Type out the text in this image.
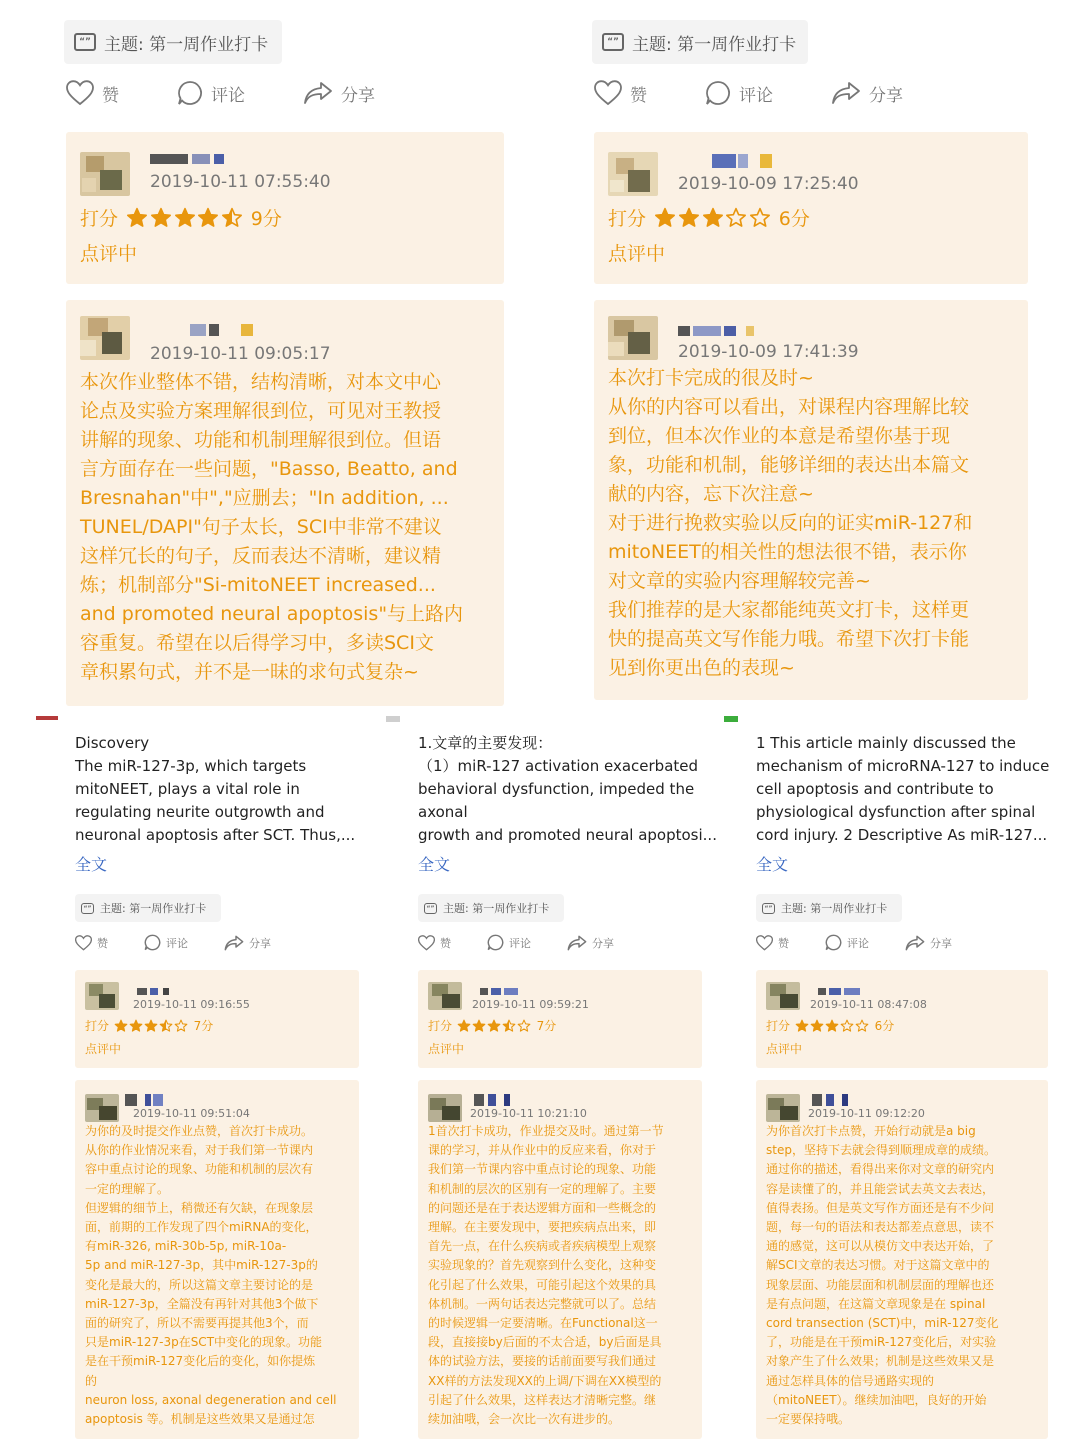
“” 主题: 第一周作业打卡
赞	评论	分享
2019-10-11 07:55:40
打分	9分
点评中
2019-10-11 09:05:17

本次作业整体不错，结构清晰，对本文中心

论点及实验方案理解很到位，可见对王教授

讲解的现象、功能和机制理解很到位。但语

言方面存在一些问题，"Basso, Beatto, and

Bresnahan"中","应删去；"In addition, ...

TUNEL/DAPI"句子太长，SCI中非常不建议

这样冗长的句子，反而表达不清晰，建议精

炼；机制部分"Si-mitoNEET increased...

and promoted neural apoptosis"与上路内

容重复。希望在以后得学习中，多读SCI文

章积累句式，并不是一昧的求句式复杂~

“” 主题: 第一周作业打卡
赞	评论	分享
2019-10-09 17:25:40
打分	6分
点评中
2019-10-09 17:41:39

本次打卡完成的很及时~

从你的内容可以看出，对课程内容理解比较

到位，但本次作业的本意是希望你基于现

象，功能和机制，能够详细的表达出本篇文

献的内容，忘下次注意~

对于进行挽救实验以反向的证实miR-127和

mitoNEET的相关性的想法很不错，表示你

对文章的实验内容理解较完善~

我们推荐的是大家都能纯英文打卡，这样更

快的提高英文写作能力哦。希望下次打卡能

见到你更出色的表现~

Discovery

The miR-127-3p, which targets

mitoNEET, plays a vital role in

regulating neurite outgrowth and

neuronal apoptosis after SCT. Thus,...

全文
“” 主题: 第一周作业打卡
赞	评论	分享
2019-10-11 09:16:55
打分	7分
点评中
2019-10-11 09:51:04

为你的及时提交作业点赞，首次打卡成功。

从你的作业情况来看，对于我们第一节课内

容中重点讨论的现象、功能和机制的层次有

一定的理解了。

但逻辑的细节上，稍微还有欠缺，在现象层

面，前期的工作发现了四个miRNA的变化，

有miR-326, miR-30b-5p, miR-10a-

5p and miR-127-3p，其中miR-127-3p的

变化是最大的，所以这篇文章主要讨论的是

miR-127-3p，全篇没有再针对其他3个做下

面的研究了，所以不需要再提其他3个，而

只是miR-127-3p在SCT中变化的现象。功能

是在干预miR-127变化后的变化，如你提炼

的

neuron loss, axonal degeneration and cell

apoptosis 等。机制是这些效果又是通过怎

1.文章的主要发现：

（1）miR-127 activation exacerbated

behavioral dysfunction, impeded the

axonal

growth and promoted neural apoptosi...

全文
“” 主题: 第一周作业打卡
赞	评论	分享
2019-10-11 09:59:21
打分	7分
点评中
2019-10-11 10:21:10

1首次打卡成功，作业提交及时。通过第一节

课的学习，并从作业中的反应来看，你对于

我们第一节课内容中重点讨论的现象、功能

和机制的层次的区别有一定的理解了。主要

的问题还是在于表达逻辑方面和一些概念的

理解。在主要发现中，要把疾病点出来，即

首先一点，在什么疾病或者疾病模型上观察

实验现象的？首先观察到什么变化，这种变

化引起了什么效果，可能引起这个效果的具

体机制。一两句话表达完整就可以了。总结

的时候逻辑一定要清晰。在Functional这一

段，直接接by后面的不太合适，by后面是具

体的试验方法，要接的话前面要写我们通过

XX样的方法发现XX的上调/下调在XX模型的

引起了什么效果，这样表达才清晰完整。继

续加油哦，会一次比一次有进步的。

1 This article mainly discussed the

mechanism of microRNA-127 to induce

cell apoptosis and contribute to

physiological dysfunction after spinal

cord injury. 2 Descriptive As miR-127...

全文
“” 主题: 第一周作业打卡
赞	评论	分享
2019-10-11 08:47:08
打分	6分
点评中
2019-10-11 09:12:20

为你首次打卡点赞，开始行动就是a big

step，坚持下去就会得到顺理成章的成绩。

通过你的描述，看得出来你对文章的研究内

容是读懂了的，并且能尝试去英文去表达，

值得表扬。但是英文写作方面还是有不少问

题，每一句的语法和表达都差点意思，读不

通的感觉，这可以从模仿文中表达开始，了

解SCI文章的表达习惯。对于这篇文章中的

现象层面、功能层面和机制层面的理解也还

是有点问题，在这篇文章现象是在 spinal

cord transection (SCT)中，miR-127变化

了，功能是在干预miR-127变化后，对实验

对象产生了什么效果；机制是这些效果又是

通过怎样具体的信号通路实现的

（mitoNEET）。继续加油吧，良好的开始

一定要保持哦。
